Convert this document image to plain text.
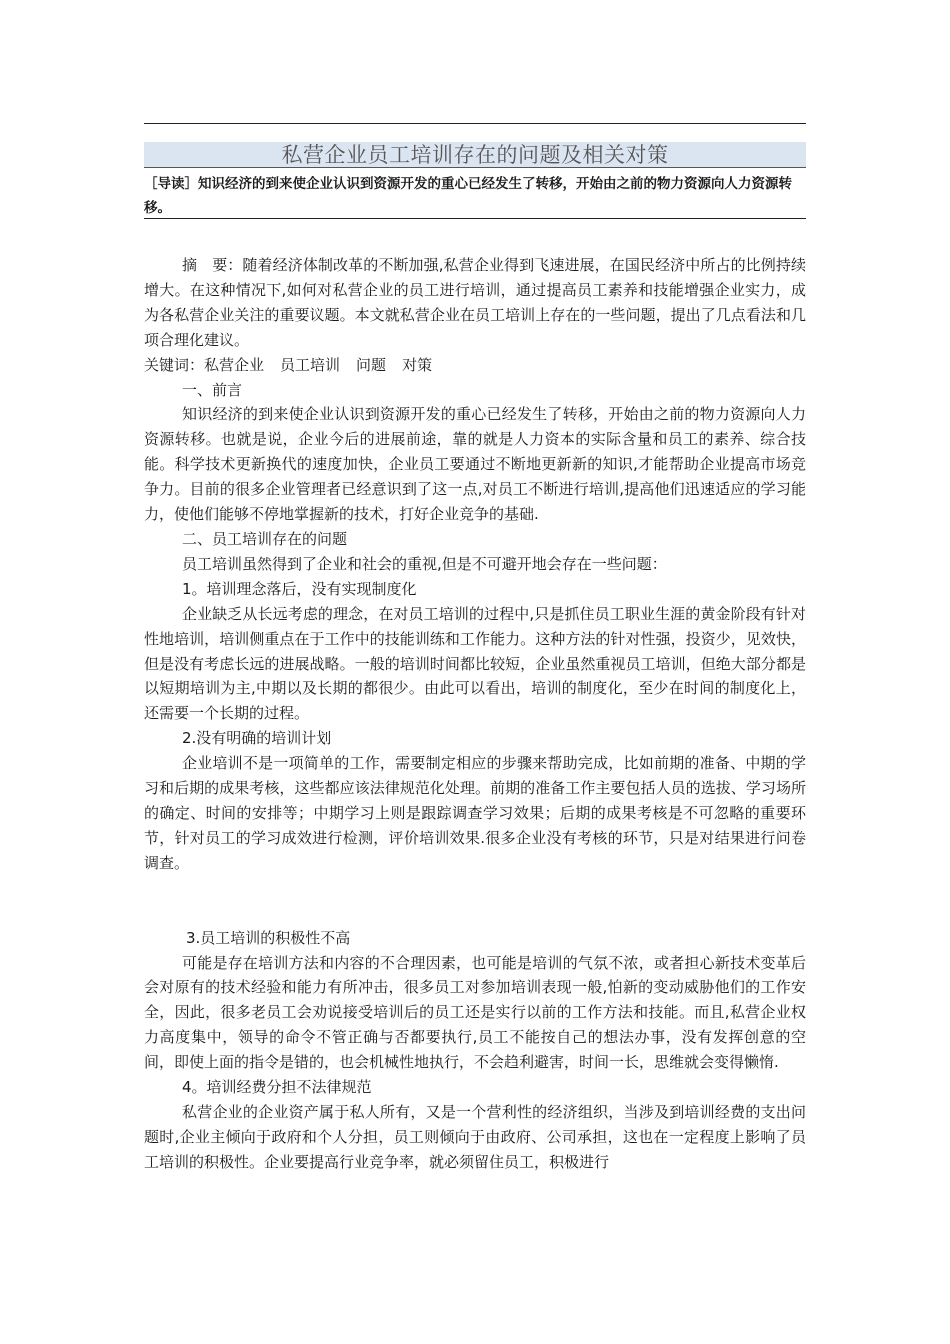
私营企业员工培训存在的问题及相关对策
［导读］知识经济的到来使企业认识到资源开发的重心已经发生了转移，开始由之前的物力资源向人力资源转移。

摘　要：随着经济体制改革的不断加强,私营企业得到飞速进展，在国民经济中所占的比例持续增大。在这种情况下,如何对私营企业的员工进行培训，通过提高员工素养和技能增强企业实力，成为各私营企业关注的重要议题。本文就私营企业在员工培训上存在的一些问题，提出了几点看法和几项合理化建议。

关键词：私营企业 员工培训 问题 对策

一、前言

知识经济的到来使企业认识到资源开发的重心已经发生了转移，开始由之前的物力资源向人力资源转移。也就是说，企业今后的进展前途，靠的就是人力资本的实际含量和员工的素养、综合技能。科学技术更新换代的速度加快，企业员工要通过不断地更新新的知识,才能帮助企业提高市场竞争力。目前的很多企业管理者已经意识到了这一点,对员工不断进行培训,提高他们迅速适应的学习能力，使他们能够不停地掌握新的技术，打好企业竞争的基础.

二、员工培训存在的问题

员工培训虽然得到了企业和社会的重视,但是不可避开地会存在一些问题：

1。培训理念落后，没有实现制度化

企业缺乏从长远考虑的理念，在对员工培训的过程中,只是抓住员工职业生涯的黄金阶段有针对性地培训，培训侧重点在于工作中的技能训练和工作能力。这种方法的针对性强，投资少，见效快，但是没有考虑长远的进展战略。一般的培训时间都比较短，企业虽然重视员工培训，但绝大部分都是以短期培训为主,中期以及长期的都很少。由此可以看出，培训的制度化，至少在时间的制度化上，还需要一个长期的过程。

2.没有明确的培训计划

企业培训不是一项简单的工作，需要制定相应的步骤来帮助完成，比如前期的准备、中期的学习和后期的成果考核，这些都应该法律规范化处理。前期的准备工作主要包括人员的选拔、学习场所的确定、时间的安排等；中期学习上则是跟踪调查学习效果；后期的成果考核是不可忽略的重要环节，针对员工的学习成效进行检测，评价培训效果.很多企业没有考核的环节，只是对结果进行问卷调查。

3.员工培训的积极性不高

可能是存在培训方法和内容的不合理因素，也可能是培训的气氛不浓，或者担心新技术变革后会对原有的技术经验和能力有所冲击，很多员工对参加培训表现一般,怕新的变动威胁他们的工作安全，因此，很多老员工会劝说接受培训后的员工还是实行以前的工作方法和技能。而且,私营企业权力高度集中，领导的命令不管正确与否都要执行,员工不能按自己的想法办事，没有发挥创意的空间，即使上面的指令是错的，也会机械性地执行，不会趋利避害，时间一长，思维就会变得懒惰.

4。培训经费分担不法律规范

私营企业的企业资产属于私人所有，又是一个营利性的经济组织，当涉及到培训经费的支出问题时,企业主倾向于政府和个人分担，员工则倾向于由政府、公司承担，这也在一定程度上影响了员工培训的积极性。企业要提高行业竞争率，就必须留住员工，积极进行
